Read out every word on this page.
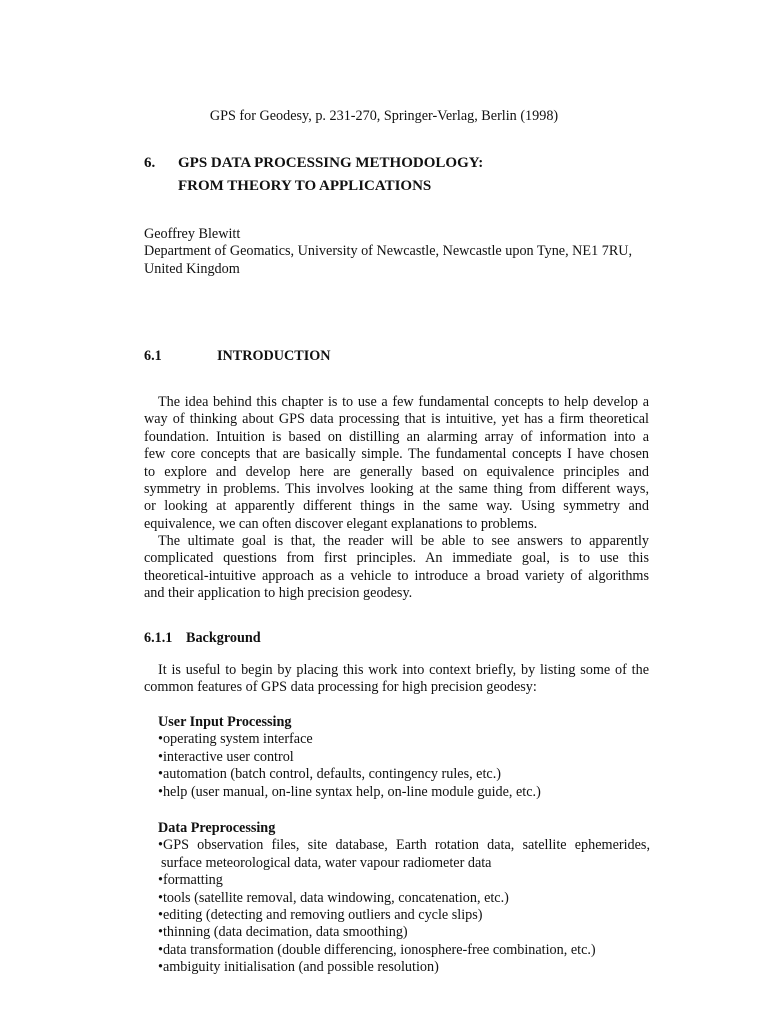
GPS for Geodesy, p. 231-270, Springer-Verlag, Berlin (1998)
6. GPS DATA PROCESSING METHODOLOGY:
FROM THEORY TO APPLICATIONS
Geoffrey Blewitt
Department of Geomatics, University of Newcastle, Newcastle upon Tyne, NE1 7RU,
United Kingdom
6.1	INTRODUCTION
The idea behind this chapter is to use a few fundamental concepts to help develop a
way of thinking about GPS data processing that is intuitive, yet has a firm theoretical
foundation. Intuition is based on distilling an alarming array of information into a
few core concepts that are basically simple. The fundamental concepts I have chosen
to explore and develop here are generally based on equivalence principles and
symmetry in problems. This involves looking at the same thing from different ways,
or looking at apparently different things in the same way. Using symmetry and
equivalence, we can often discover elegant explanations to problems.
The ultimate goal is that, the reader will be able to see answers to apparently
complicated questions from first principles. An immediate goal, is to use this
theoretical-intuitive approach as a vehicle to introduce a broad variety of algorithms
and their application to high precision geodesy.
6.1.1 Background
It is useful to begin by placing this work into context briefly, by listing some of the
common features of GPS data processing for high precision geodesy:
User Input Processing
•operating system interface
•interactive user control
•automation (batch control, defaults, contingency rules, etc.)
•help (user manual, on-line syntax help, on-line module guide, etc.)
Data Preprocessing
•GPS observation files, site database, Earth rotation data, satellite ephemerides,
surface meteorological data, water vapour radiometer data
•formatting
•tools (satellite removal, data windowing, concatenation, etc.)
•editing (detecting and removing outliers and cycle slips)
•thinning (data decimation, data smoothing)
•data transformation (double differencing, ionosphere-free combination, etc.)
•ambiguity initialisation (and possible resolution)
